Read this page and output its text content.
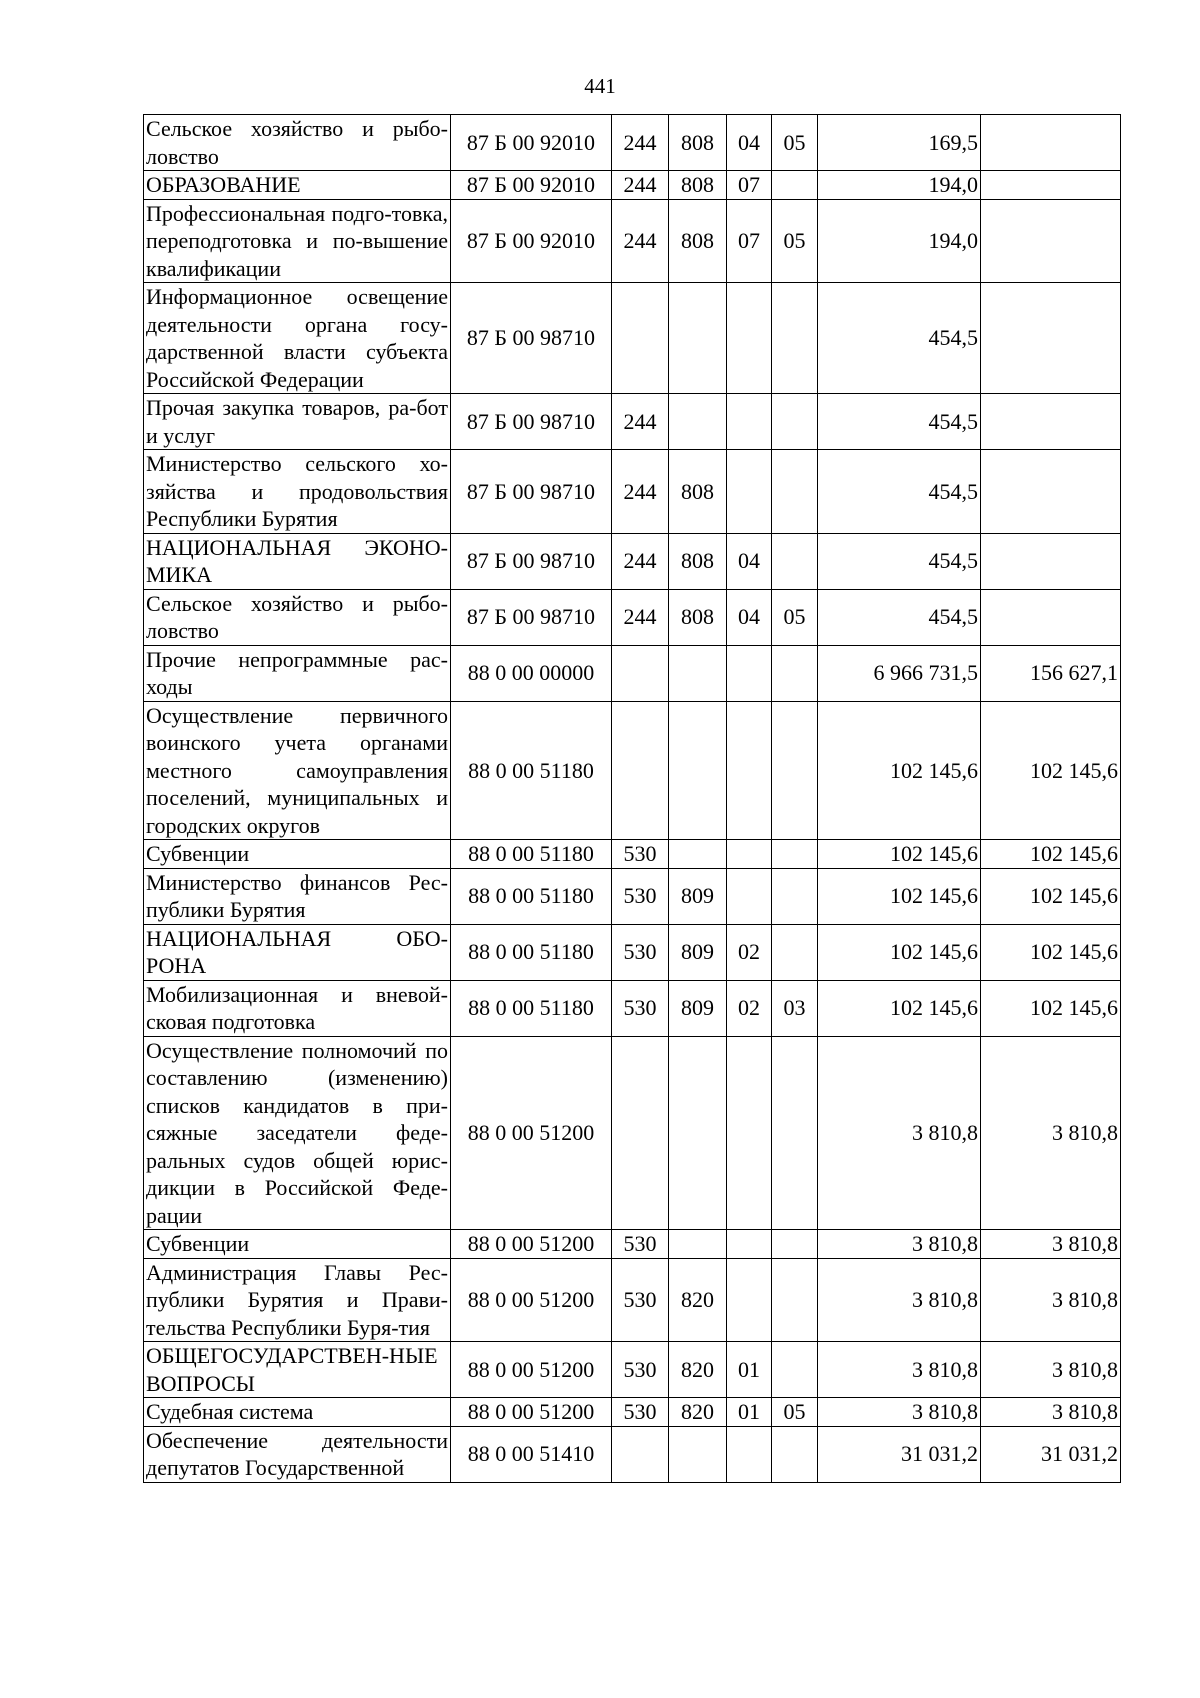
441
Сельское хозяйство и рыбо-ловство	87 Б 00 92010	244	808	04	05	169,5	
ОБРАЗОВАНИЕ	87 Б 00 92010	244	808	07		194,0	
Профессиональная подго-товка, переподготовка и по-вышение квалификации	87 Б 00 92010	244	808	07	05	194,0	
Информационное освещение деятельности органа госу-дарственной власти субъекта Российской Федерации	87 Б 00 98710					454,5	
Прочая закупка товаров, ра-бот и услуг	87 Б 00 98710	244				454,5	
Министерство сельского хо-зяйства и продовольствия Республики Бурятия	87 Б 00 98710	244	808			454,5	
НАЦИОНАЛЬНАЯ ЭКОНО-МИКА	87 Б 00 98710	244	808	04		454,5	
Сельское хозяйство и рыбо-ловство	87 Б 00 98710	244	808	04	05	454,5	
Прочие непрограммные рас-ходы	88 0 00 00000					6 966 731,5	156 627,1
Осуществление первичного воинского учета органами местного самоуправления поселений, муниципальных и городских округов	88 0 00 51180					102 145,6	102 145,6
Субвенции	88 0 00 51180	530				102 145,6	102 145,6
Министерство финансов Рес-публики Бурятия	88 0 00 51180	530	809			102 145,6	102 145,6
НАЦИОНАЛЬНАЯ ОБО-РОНА	88 0 00 51180	530	809	02		102 145,6	102 145,6
Мобилизационная и вневой-сковая подготовка	88 0 00 51180	530	809	02	03	102 145,6	102 145,6
Осуществление полномочий по составлению (изменению) списков кандидатов в при-сяжные заседатели феде-ральных судов общей юрис-дикции в Российской Феде-рации	88 0 00 51200					3 810,8	3 810,8
Субвенции	88 0 00 51200	530				3 810,8	3 810,8
Администрация Главы Рес-публики Бурятия и Прави-тельства Республики Буря-тия	88 0 00 51200	530	820			3 810,8	3 810,8
ОБЩЕГОСУДАРСТВЕН-НЫЕ ВОПРОСЫ	88 0 00 51200	530	820	01		3 810,8	3 810,8
Судебная система	88 0 00 51200	530	820	01	05	3 810,8	3 810,8
Обеспечение деятельности депутатов Государственной	88 0 00 51410					31 031,2	31 031,2
